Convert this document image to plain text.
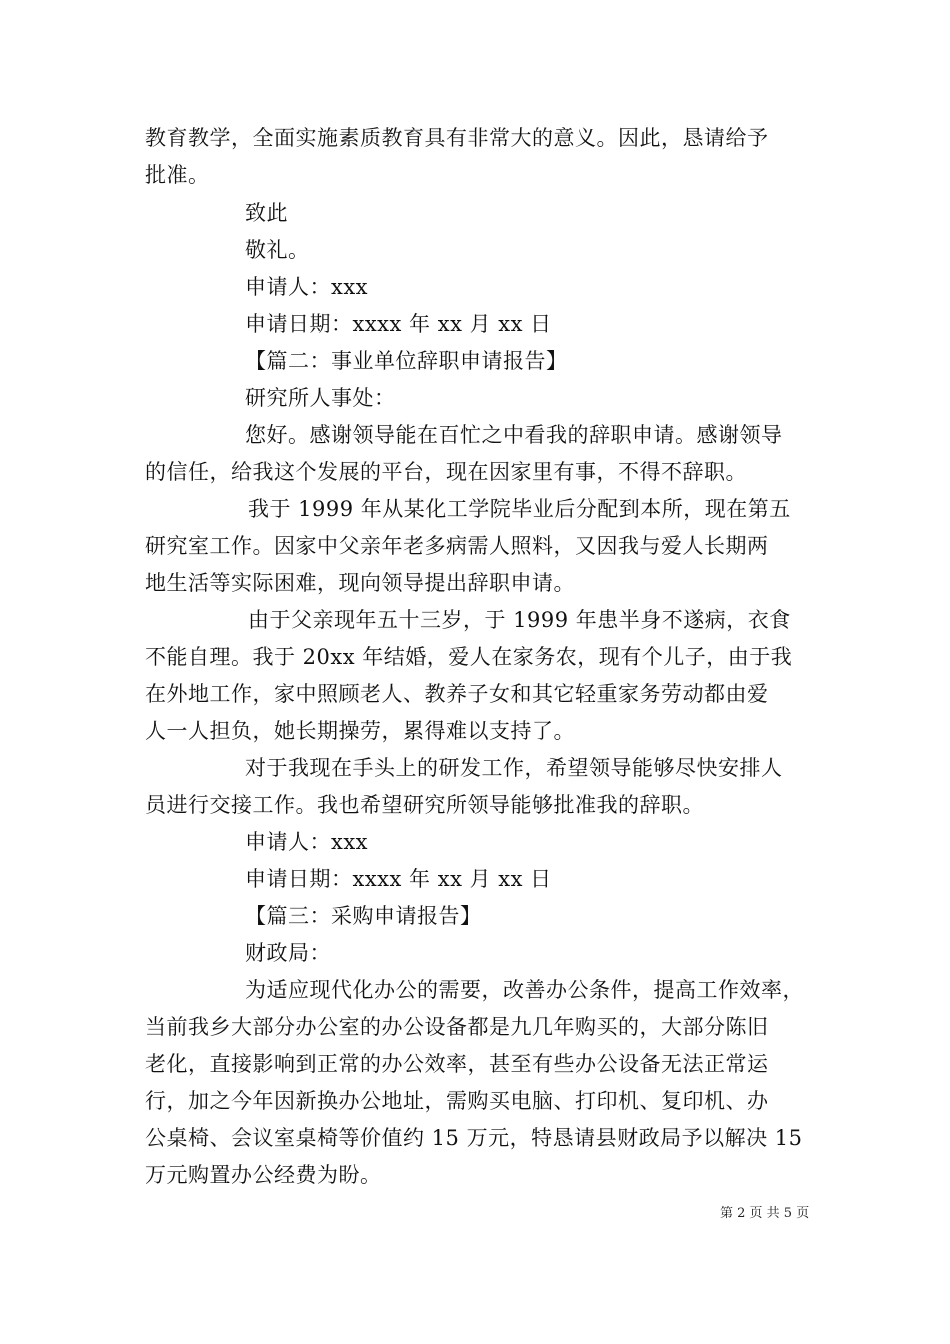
教育教学，全面实施素质教育具有非常大的意义。因此，恳请给予
批准。
致此
敬礼。
申请人：xxx
申请日期：xxxx 年 xx 月 xx 日
【篇二：事业单位辞职申请报告】
研究所人事处：
您好。感谢领导能在百忙之中看我的辞职申请。感谢领导
的信任，给我这个发展的平台，现在因家里有事，不得不辞职。
我于 1999 年从某化工学院毕业后分配到本所，现在第五
研究室工作。因家中父亲年老多病需人照料，又因我与爱人长期两
地生活等实际困难，现向领导提出辞职申请。
由于父亲现年五十三岁，于 1999 年患半身不遂病，衣食
不能自理。我于 20xx 年结婚，爱人在家务农，现有个儿子，由于我
在外地工作，家中照顾老人、教养子女和其它轻重家务劳动都由爱
人一人担负，她长期操劳，累得难以支持了。
对于我现在手头上的研发工作，希望领导能够尽快安排人
员进行交接工作。我也希望研究所领导能够批准我的辞职。
申请人：xxx
申请日期：xxxx 年 xx 月 xx 日
【篇三：采购申请报告】
财政局：
为适应现代化办公的需要，改善办公条件，提高工作效率，
当前我乡大部分办公室的办公设备都是九几年购买的，大部分陈旧
老化，直接影响到正常的办公效率，甚至有些办公设备无法正常运
行，加之今年因新换办公地址，需购买电脑、打印机、复印机、办
公桌椅、会议室桌椅等价值约 15 万元，特恳请县财政局予以解决 15
万元购置办公经费为盼。
第 2 页 共 5 页
